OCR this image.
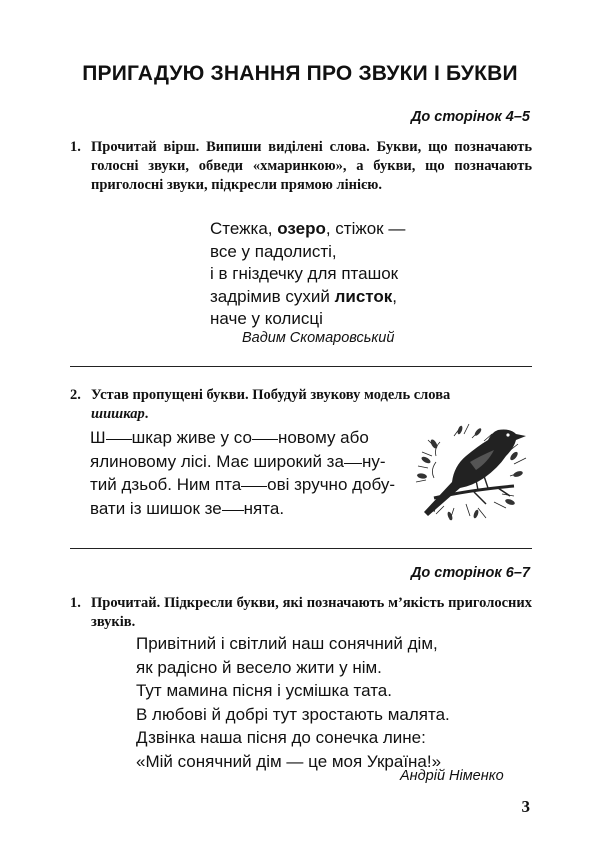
ПРИГАДУЮ ЗНАННЯ ПРО ЗВУКИ І БУКВИ
До сторінок 4–5
1. Прочитай вірш. Випиши виділені слова. Букви, що позначають голосні звуки, обведи «хмаринкою», а букви, що позначають приголосні звуки, підкресли прямою лінією.
Стежка, озеро, стіжок —
все у падолисті,
і в гніздечку для пташок
задрімив сухий листок,
наче у колисці
Вадим Скомаровський
2. Устав пропущені букви. Побудуй звукову модель слова
шишкар.
Ш шкар живе у со новому або
ялиновому лісі. Має широкий за ну-
тий дзьоб. Ним пта ові зручно добу-
вати із шишок зе нята.
До сторінок 6–7
1. Прочитай. Підкресли букви, які позначають м’якість приголосних звуків.
Привітний і світлий наш сонячний дім,
як радісно й весело жити у нім.
Тут мамина пісня і усмішка тата.
В любові й добрі тут зростають малята.
Дзвінка наша пісня до сонечка лине:
«Мій сонячний дім — це моя Україна!»
Андрій Німенко
3
